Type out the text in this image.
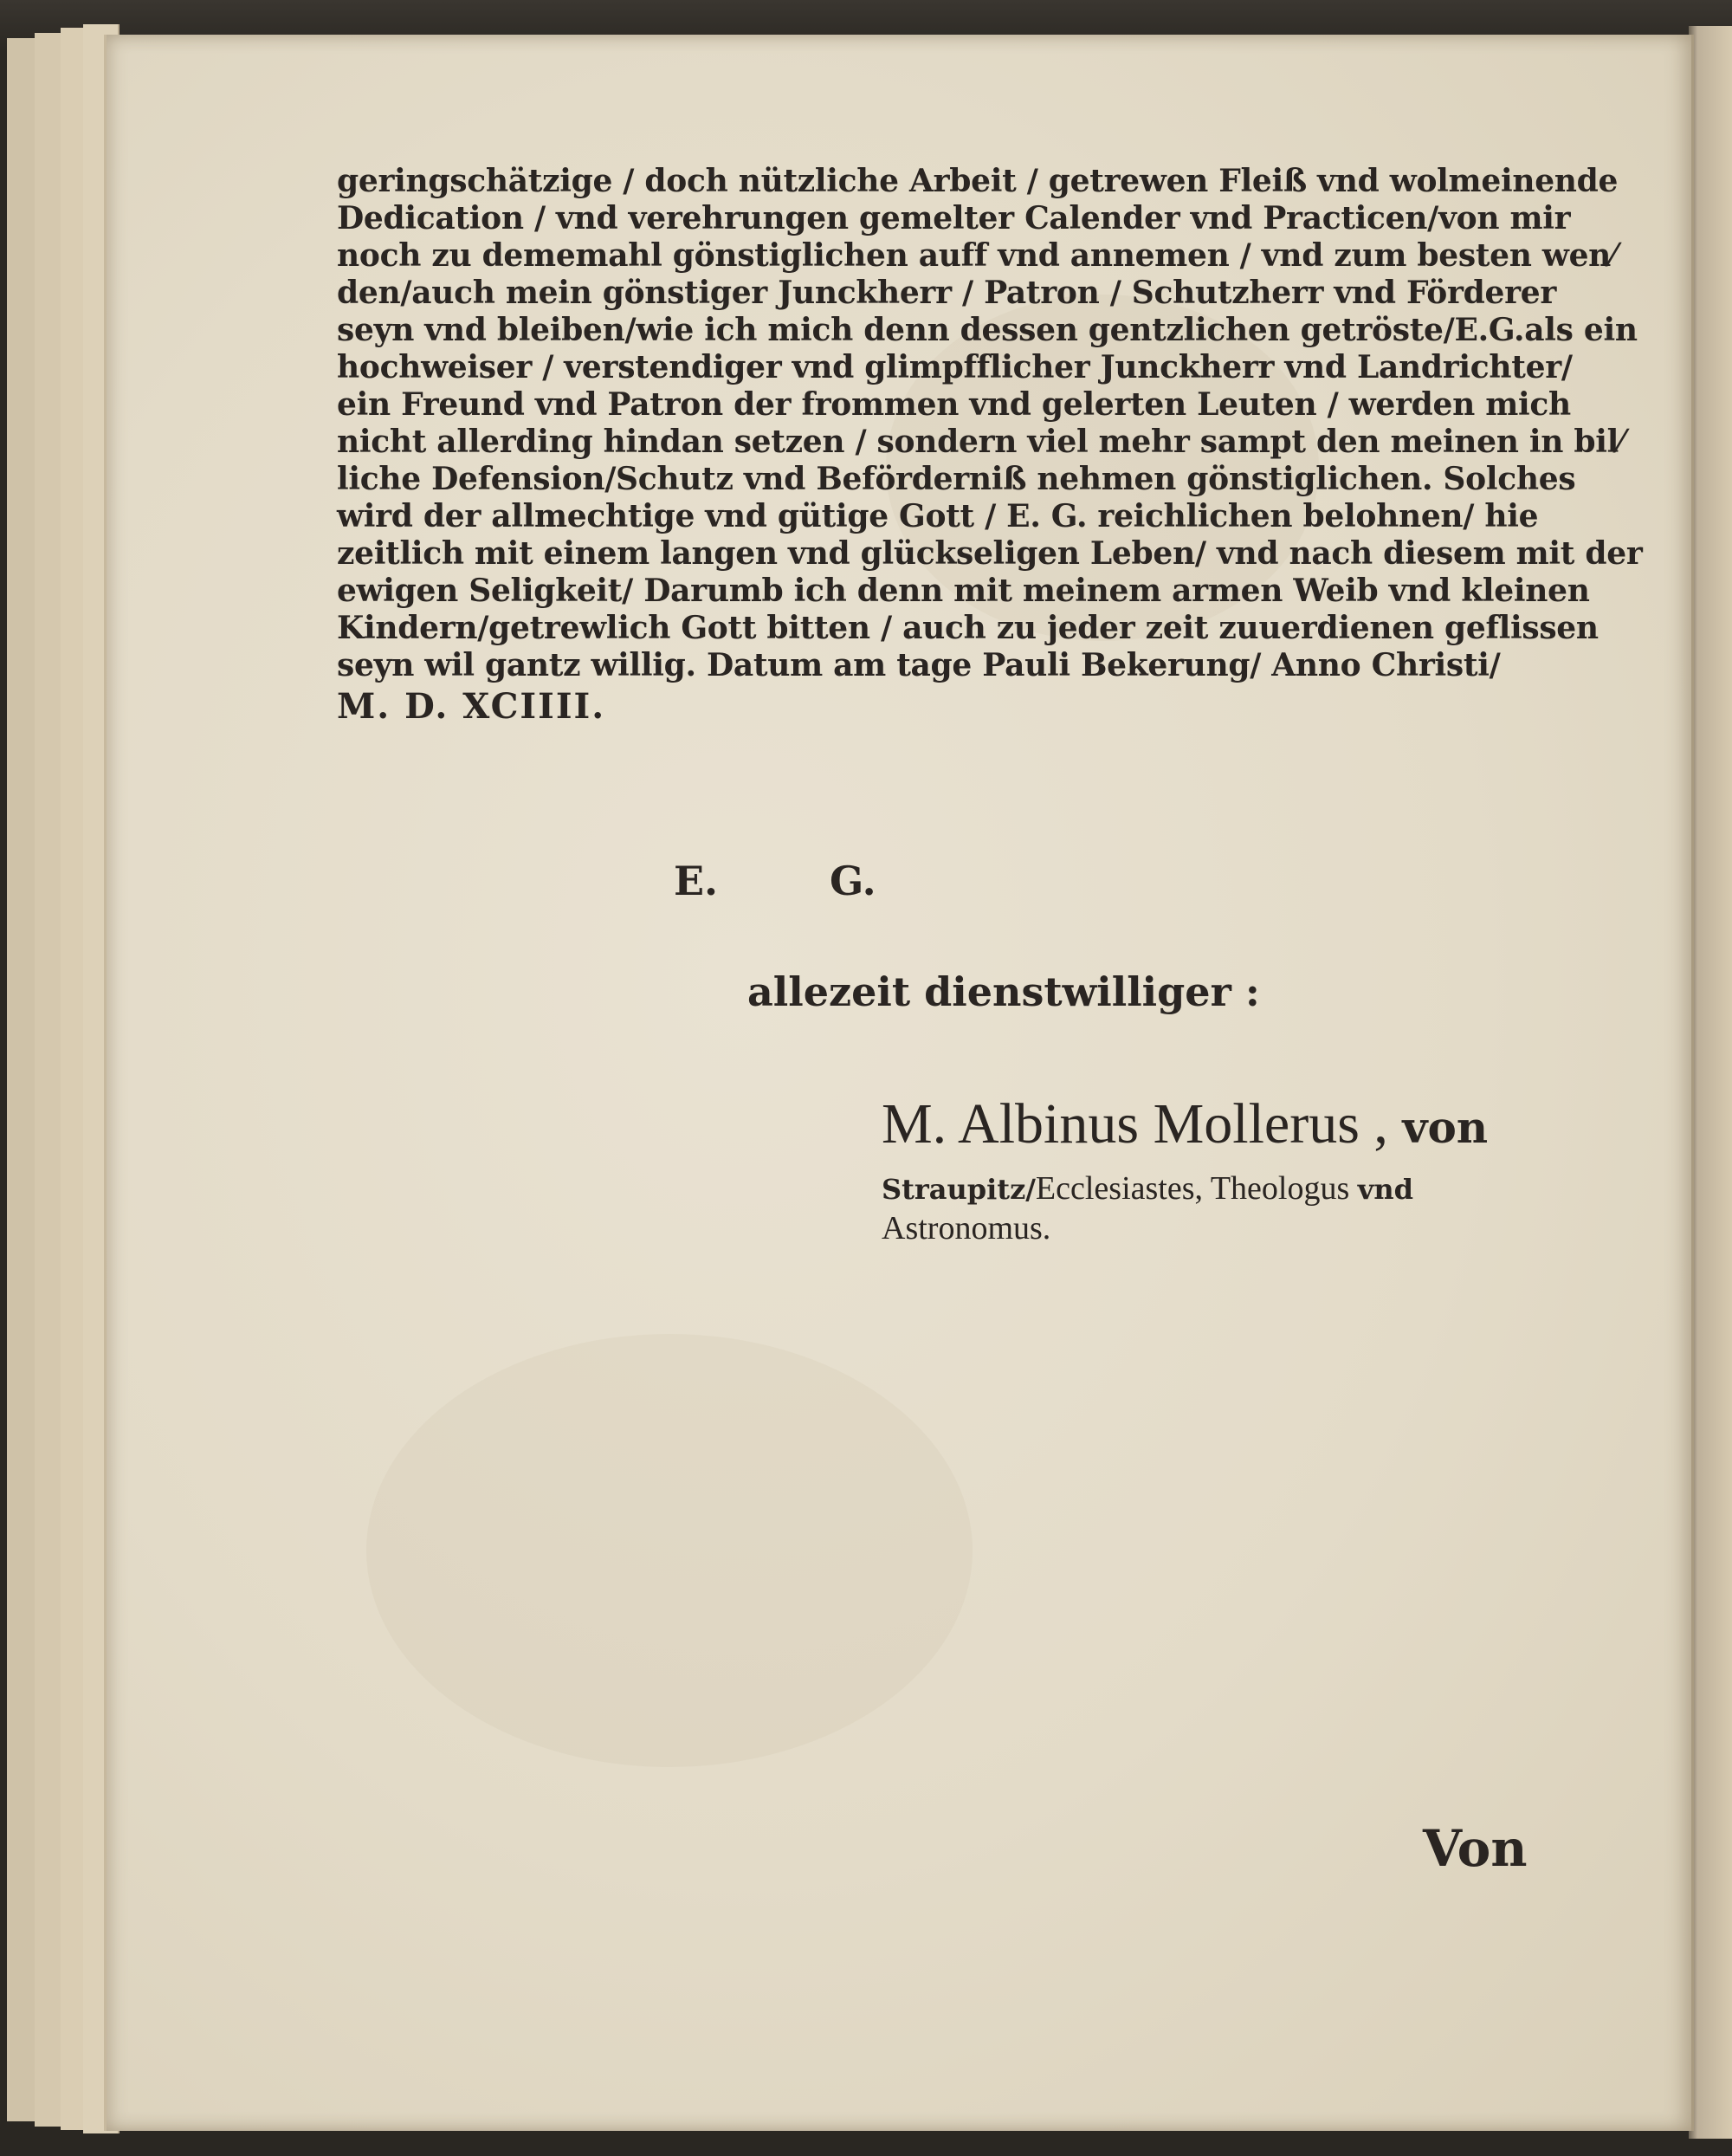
geringschätzige / doch nützliche Arbeit / getrewen Fleiß vnd wolmeinende
Dedication / vnd verehrungen gemelter Calender vnd Practicen/von mir
noch zu dememahl gönstiglichen auff vnd annemen / vnd zum besten wen⁄
den/auch mein gönstiger Junckherr / Patron / Schutzherr vnd Förderer
seyn vnd bleiben/wie ich mich denn dessen gentzlichen getröste/E.G.als ein
hochweiser / verstendiger vnd glimpfflicher Junckherr vnd Landrichter/
ein Freund vnd Patron der frommen vnd gelerten Leuten / werden mich
nicht allerding hindan setzen / sondern viel mehr sampt den meinen in bil⁄
liche Defension/Schutz vnd Beförderniß nehmen gönstiglichen. Solches
wird der allmechtige vnd gütige Gott / E. G. reichlichen belohnen/ hie
zeitlich mit einem langen vnd glückseligen Leben/ vnd nach diesem mit der
ewigen Seligkeit/ Darumb ich denn mit meinem armen Weib vnd kleinen
Kindern/getrewlich Gott bitten / auch zu jeder zeit zuuerdienen geflissen
seyn wil gantz willig. Datum am tage Pauli Bekerung/ Anno Christi/
M. D. XCIIII.
E.	G.
allezeit dienstwilliger :
M. Albinus Mollerus , von
Straupitz/Ecclesiastes, Theologus vnd
Astronomus.
Von
